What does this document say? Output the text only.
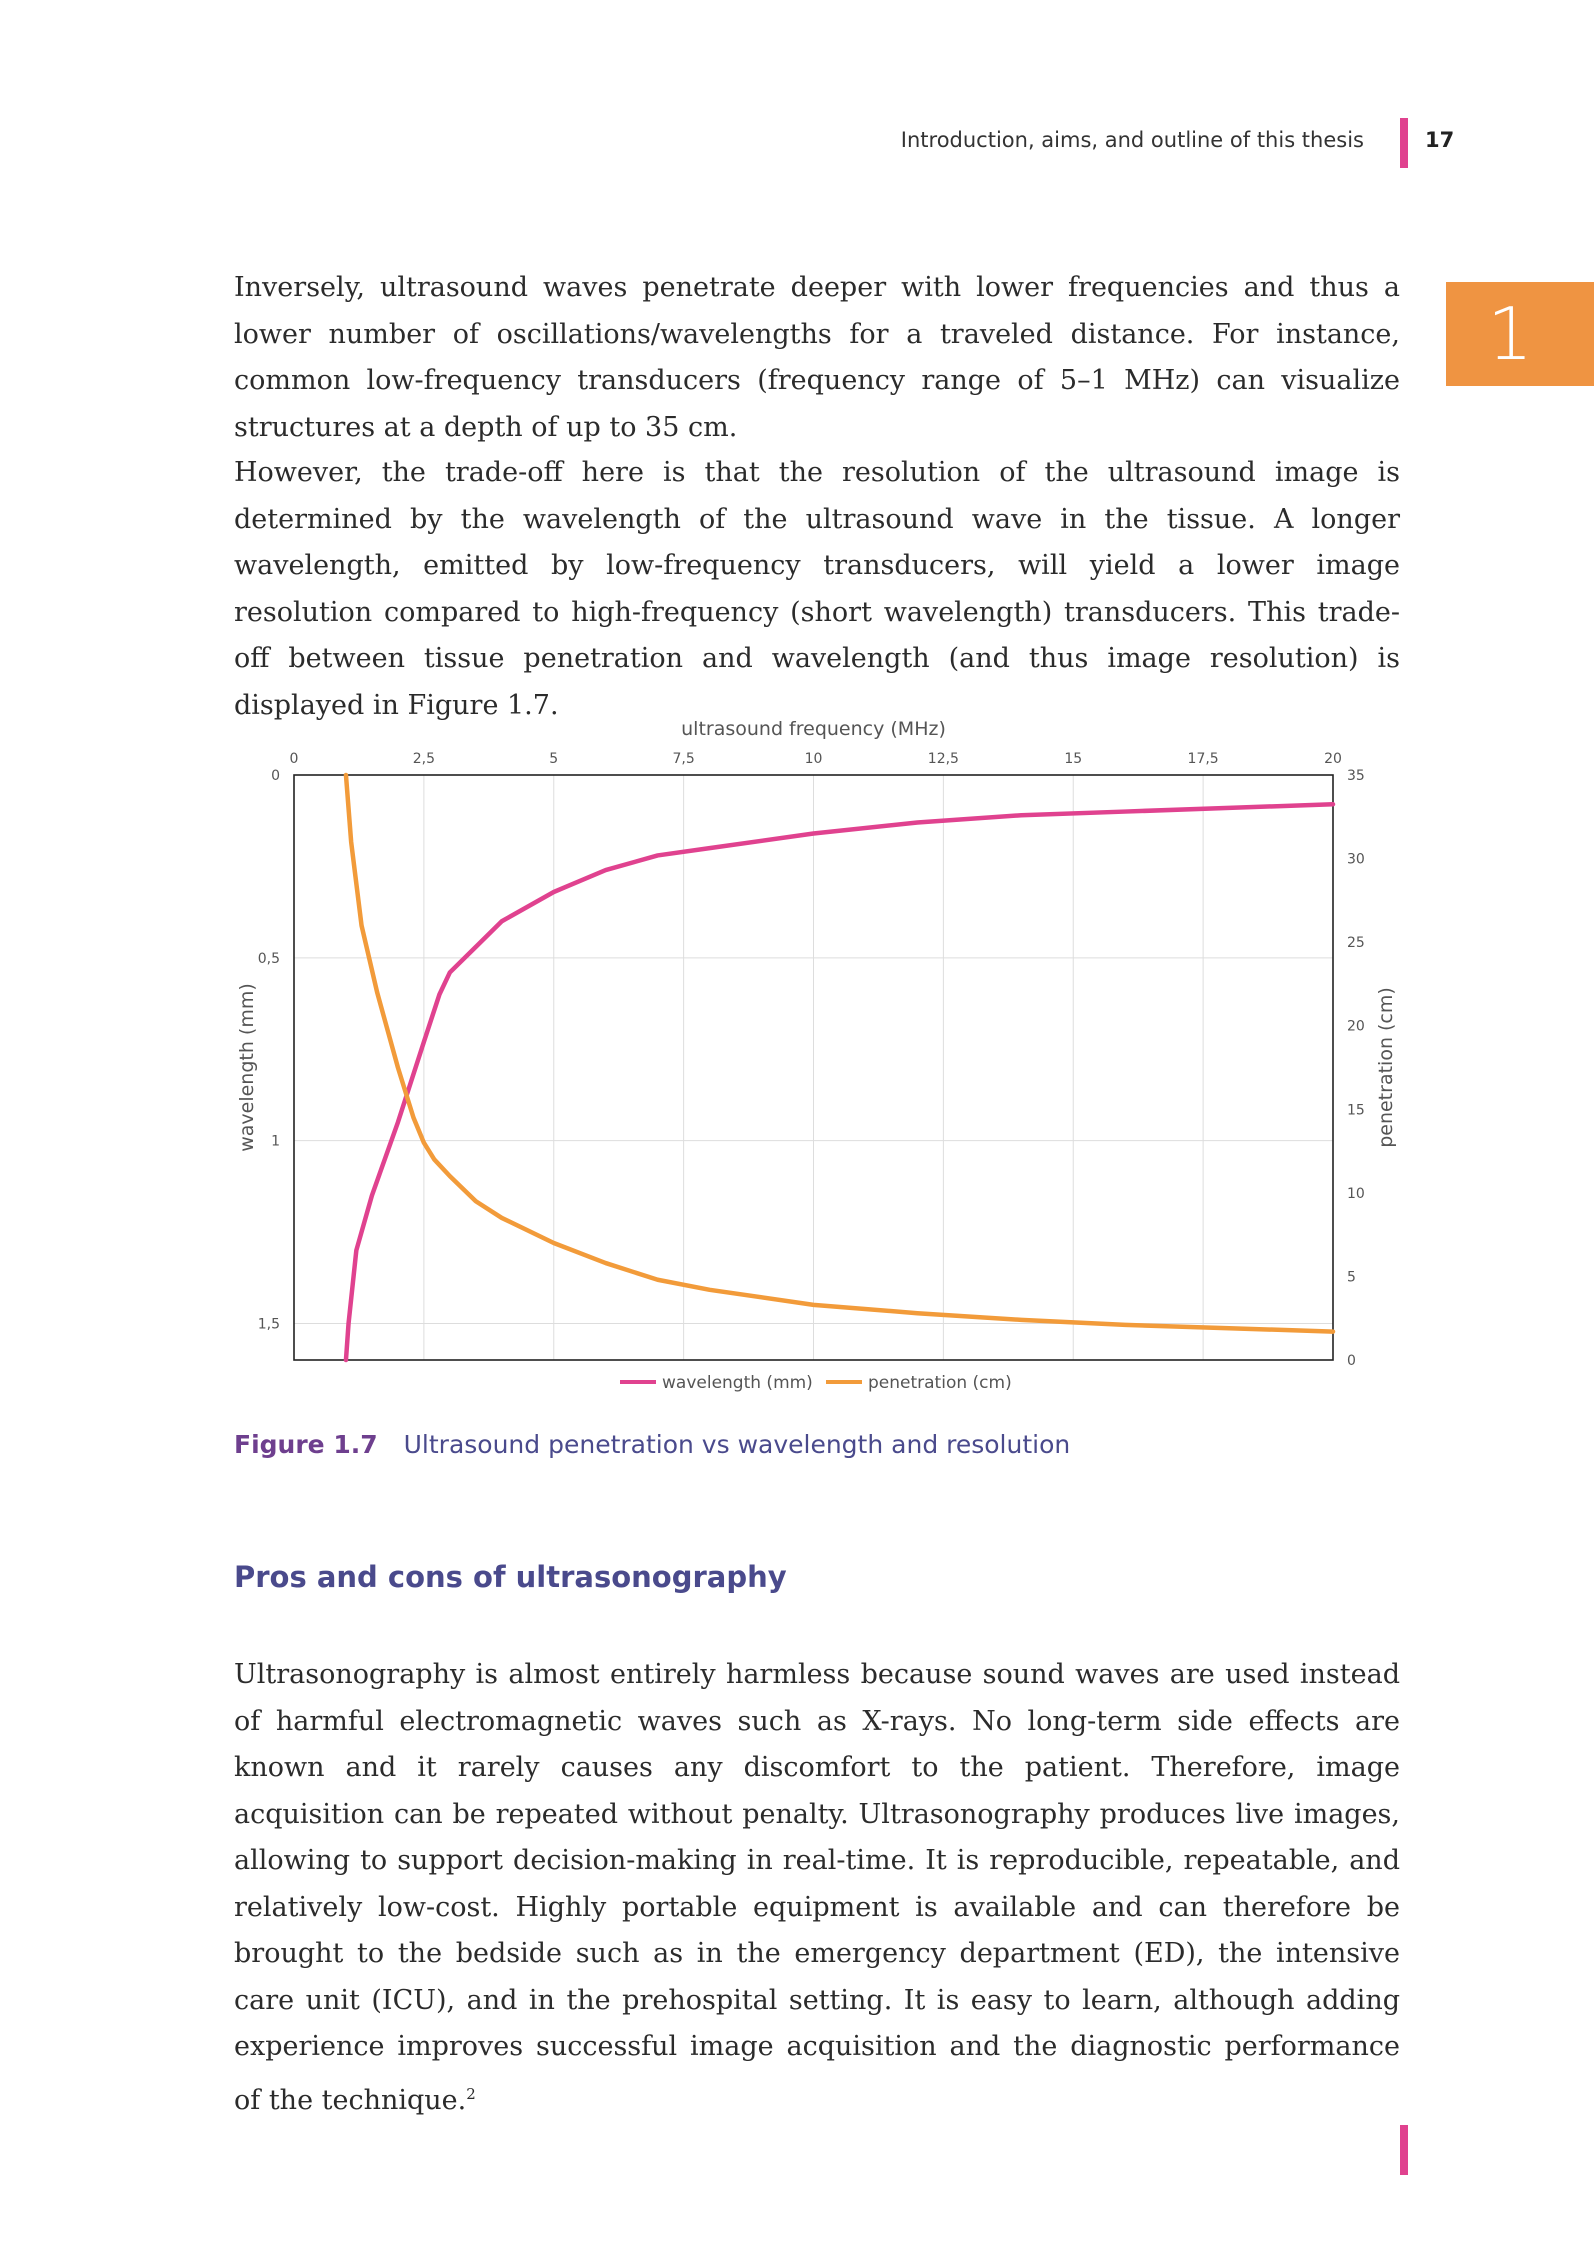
Introduction, aims, and outline of this thesis	17
1

Inversely, ultrasound waves penetrate deeper with lower frequencies and thus a lower number of oscillations/wavelengths for a traveled distance. For instance, common low-frequency transducers (frequency range of 5–1 MHz) can visualize structures at a depth of up to 35 cm.

However, the trade-off here is that the resolution of the ultrasound image is determined by the wavelength of the ultrasound wave in the tissue. A longer wavelength, emitted by low-frequency transducers, will yield a lower image resolution compared to high-frequency (short wavelength) transducers. This trade-off between tissue penetration and wavelength (and thus image resolution) is displayed in Figure 1.7.

0	2,5	5	7,5	10	12,5	15	17,5	20
0
0,5
1
1,5
0
5
10
15
20
25
30
35
ultrasound frequency (MHz)
wavelength (mm)	penetration (cm)
wavelength (mm)	penetration (cm)
Figure 1.7 Ultrasound penetration vs wavelength and resolution
Pros and cons of ultrasonography

Ultrasonography is almost entirely harmless because sound waves are used instead of harmful electromagnetic waves such as X-rays. No long-term side effects are known and it rarely causes any discomfort to the patient. Therefore, image acquisition can be repeated without penalty. Ultrasonography produces live images, allowing to support decision-making in real-time. It is reproducible, repeatable, and relatively low-cost. Highly portable equipment is available and can therefore be brought to the bedside such as in the emergency department (ED), the intensive care unit (ICU), and in the prehospital setting. It is easy to learn, although adding experience improves successful image acquisition and the diagnostic performance of the technique.$^2$
